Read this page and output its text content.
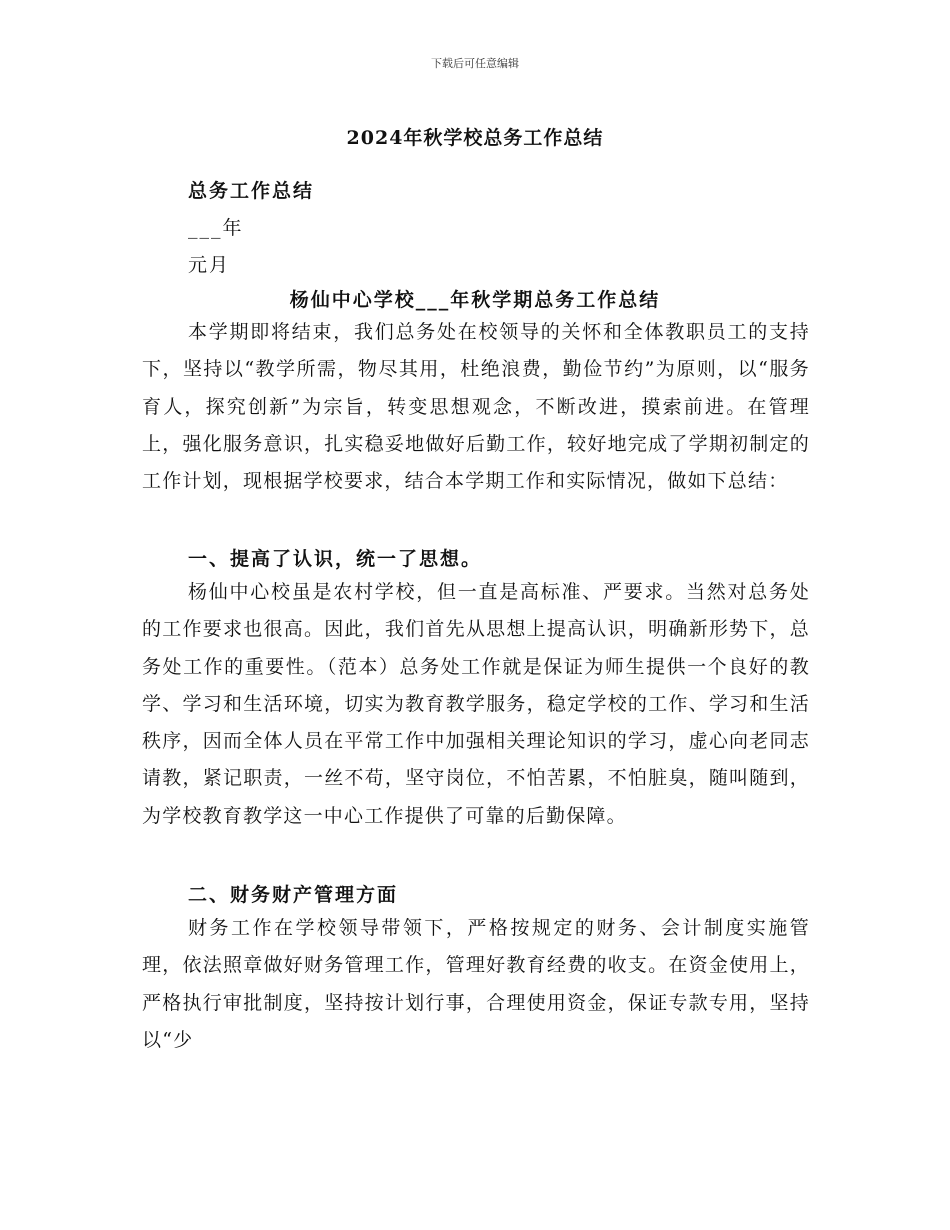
下载后可任意编辑
2024年秋学校总务工作总结
总务工作总结
___年
元月
杨仙中心学校___年秋学期总务工作总结

本学期即将结束，我们总务处在校领导的关怀和全体教职员工的支持下，坚持以“教学所需，物尽其用，杜绝浪费，勤俭节约”为原则，以“服务育人，探究创新”为宗旨，转变思想观念，不断改进，摸索前进。在管理上，强化服务意识，扎实稳妥地做好后勤工作，较好地完成了学期初制定的工作计划，现根据学校要求，结合本学期工作和实际情况，做如下总结：

一、提高了认识，统一了思想。

杨仙中心校虽是农村学校，但一直是高标准、严要求。当然对总务处的工作要求也很高。因此，我们首先从思想上提高认识，明确新形势下，总务处工作的重要性。（范本）总务处工作就是保证为师生提供一个良好的教学、学习和生活环境，切实为教育教学服务，稳定学校的工作、学习和生活秩序，因而全体人员在平常工作中加强相关理论知识的学习，虚心向老同志请教，紧记职责，一丝不苟，坚守岗位，不怕苦累，不怕脏臭，随叫随到，为学校教育教学这一中心工作提供了可靠的后勤保障。

二、财务财产管理方面

财务工作在学校领导带领下，严格按规定的财务、会计制度实施管理，依法照章做好财务管理工作，管理好教育经费的收支。在资金使用上，严格执行审批制度，坚持按计划行事，合理使用资金，保证专款专用，坚持以“少
